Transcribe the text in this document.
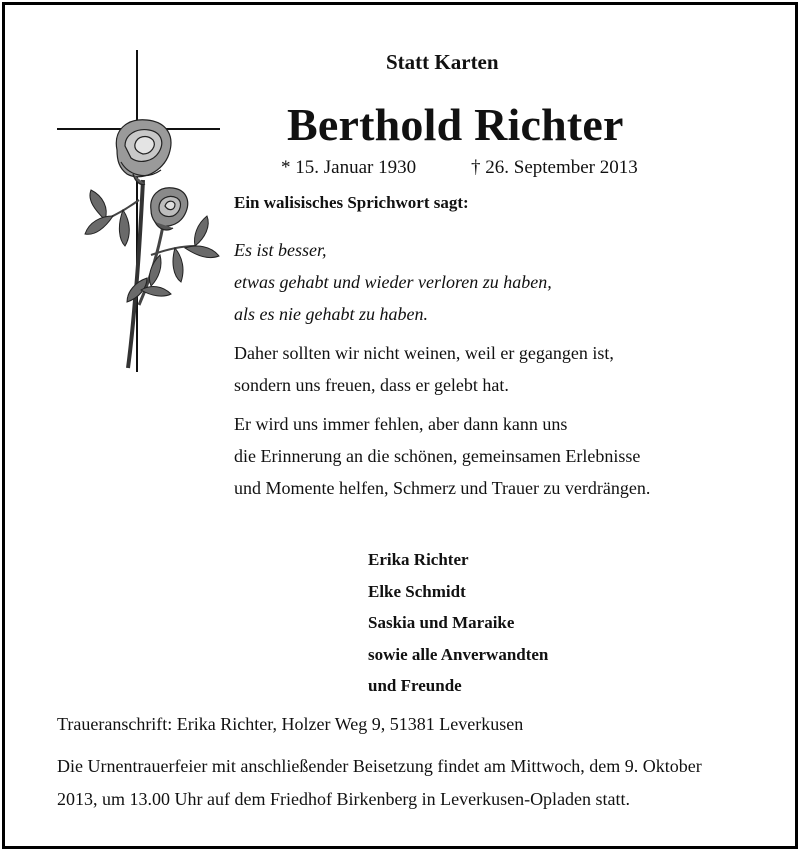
Statt Karten
Berthold Richter
* 15. Januar 1930	† 26. September 2013
Ein walisisches Sprichwort sagt:
Es ist besser,
etwas gehabt und wieder verloren zu haben,
als es nie gehabt zu haben.
Daher sollten wir nicht weinen, weil er gegangen ist,
sondern uns freuen, dass er gelebt hat.
Er wird uns immer fehlen, aber dann kann uns
die Erinnerung an die schönen, gemeinsamen Erlebnisse
und Momente helfen, Schmerz und Trauer zu verdrängen.
Erika Richter
Elke Schmidt
Saskia und Maraike
sowie alle Anverwandten
und Freunde
Traueranschrift: Erika Richter, Holzer Weg 9, 51381 Leverkusen
Die Urnentrauerfeier mit anschließender Beisetzung findet am Mittwoch, dem 9. Oktober
2013, um 13.00 Uhr auf dem Friedhof Birkenberg in Leverkusen-Opladen statt.
